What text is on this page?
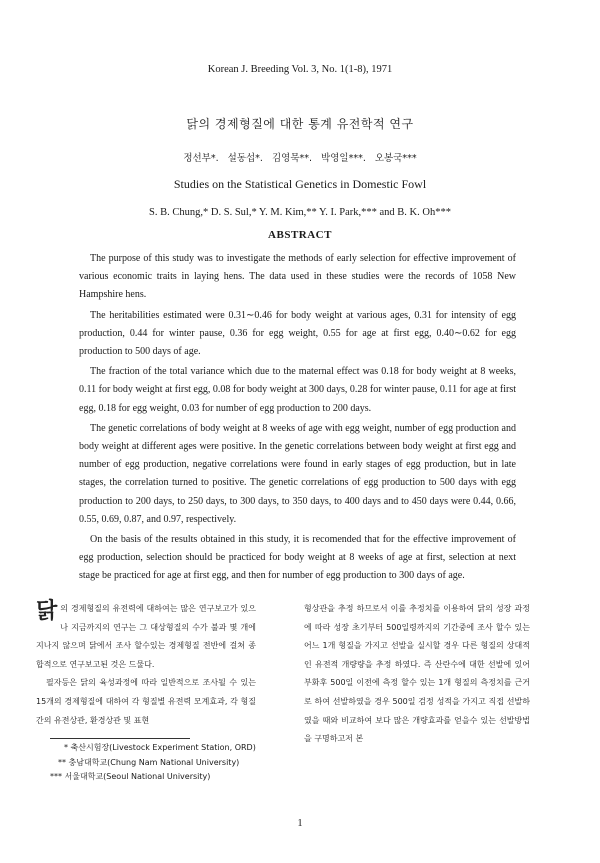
Korean J. Breeding Vol. 3, No. 1(1-8), 1971
닭의 경제형질에 대한 통계 유전학적 연구
정선부*. 설동섭*. 김영묵**. 박영일***. 오봉국***
Studies on the Statistical Genetics in Domestic Fowl
S. B. Chung,* D. S. Sul,* Y. M. Kim,** Y. I. Park,*** and B. K. Oh***
ABSTRACT

The purpose of this study was to investigate the methods of early selection for effective improvement of various economic traits in laying hens. The data used in these studies were the records of 1058 New Hampshire hens.

The heritabilities estimated were 0.31∼0.46 for body weight at various ages, 0.31 for intensity of egg production, 0.44 for winter pause, 0.36 for egg weight, 0.55 for age at first egg, 0.40∼0.62 for egg production to 500 days of age.

The fraction of the total variance which due to the maternal effect was 0.18 for body weight at 8 weeks, 0.11 for body weight at first egg, 0.08 for body weight at 300 days, 0.28 for winter pause, 0.11 for age at first egg, 0.18 for egg weight, 0.03 for number of egg production to 200 days.

The genetic correlations of body weight at 8 weeks of age with egg weight, number of egg production and body weight at different ages were positive. In the genetic correlations between body weight at first egg and number of egg production, negative correlations were found in early stages of egg production, but in late stages, the correlation turned to positive. The genetic correlations of egg production to 500 days with egg production to 200 days, to 250 days, to 300 days, to 350 days, to 400 days and to 450 days were 0.44, 0.66, 0.55, 0.69, 0.87, and 0.97, respectively.

On the basis of the results obtained in this study, it is recomended that for the effective improvement of egg production, selection should be practiced for body weight at 8 weeks of age at first, selection at next stage be practiced for age at first egg, and then for number of egg production to 300 days of age.

닭의 경제형질의 유전력에 대하여는 많은 연구보고가 있으나 지금까지의 연구는 그 대상형질의 수가 불과 몇 개에 지나지 않으며 닭에서 조사 할수있는 경제형질 전반에 걸쳐 종합적으로 연구보고된 것은 드물다.

필자등은 닭의 육성과정에 따라 일반적으로 조사될 수 있는 15개의 경제형질에 대하여 각 형질별 유전력 모계효과, 각 형질간의 유전상관, 환경상관 및 표현

형상관을 추정 하므로서 이를 추정치를 이용하여 닭의 성장 과정에 따라 성장 초기부터 500일령까지의 기간중에 조사 할수 있는 어느 1개 형질을 가지고 선발을 실시할 경우 다른 형질의 상대적인 유전적 개량량을 추정 하였다. 즉 산란수에 대한 선발에 있어 부화후 500일 이전에 측정 할수 있는 1개 형질의 측정치를 근거로 하여 선발하였을 경우 500일 검정 성적을 가지고 직접 선발하였을 때와 비교하여 보다 많은 개량효과를 얻을수 있는 선발방법을 구명하고저 본

* 축산시험장(Livestock Experiment Station, ORD)
** 충남대학교(Chung Nam National University)
*** 서울대학교(Seoul National University)
1
